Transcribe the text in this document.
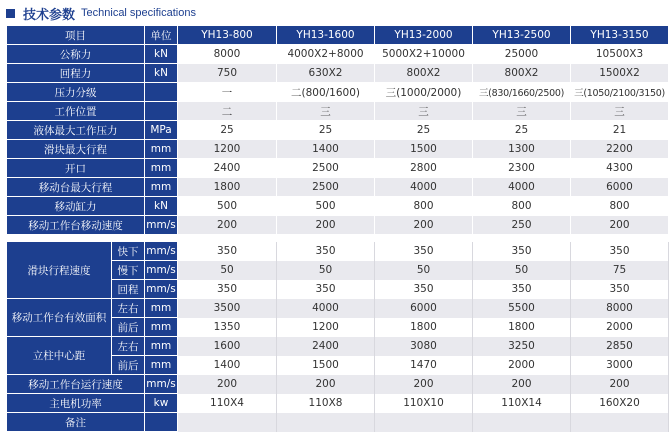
技术参数 Technical specifications
项目	单位	YH13-800	YH13-1600	YH13-2000	YH13-2500	YH13-3150
公称力	kN	8000	4000X2+8000	5000X2+10000	25000	10500X3
回程力	kN	750	630X2	800X2	800X2	1500X2
压力分级		一	二(800/1600)	三(1000/2000)	三(830/1660/2500)	三(1050/2100/3150)
工作位置		二	三	三	三	三
液体最大工作压力	MPa	25	25	25	25	21
滑块最大行程	mm	1200	1400	1500	1300	2200
开口	mm	2400	2500	2800	2300	4300
移动台最大行程	mm	1800	2500	4000	4000	6000
移动缸力	kN	500	500	800	800	800
移动工作台移动速度	mm/s	200	200	200	250	200
滑块行程速度	快下	mm/s	350	350	350	350	350
	慢下	mm/s	50	50	50	50	75
	回程	mm/s	350	350	350	350	350
移动工作台有效面积	左右	mm	3500	4000	6000	5500	8000
	前后	mm	1350	1200	1800	1800	2000
立柱中心距	左右	mm	1600	2400	3080	3250	2850
	前后	mm	1400	1500	1470	2000	3000
移动工作台运行速度		mm/s	200	200	200	200	200
主电机功率		kw	110X4	110X8	110X10	110X14	160X20
备注							
